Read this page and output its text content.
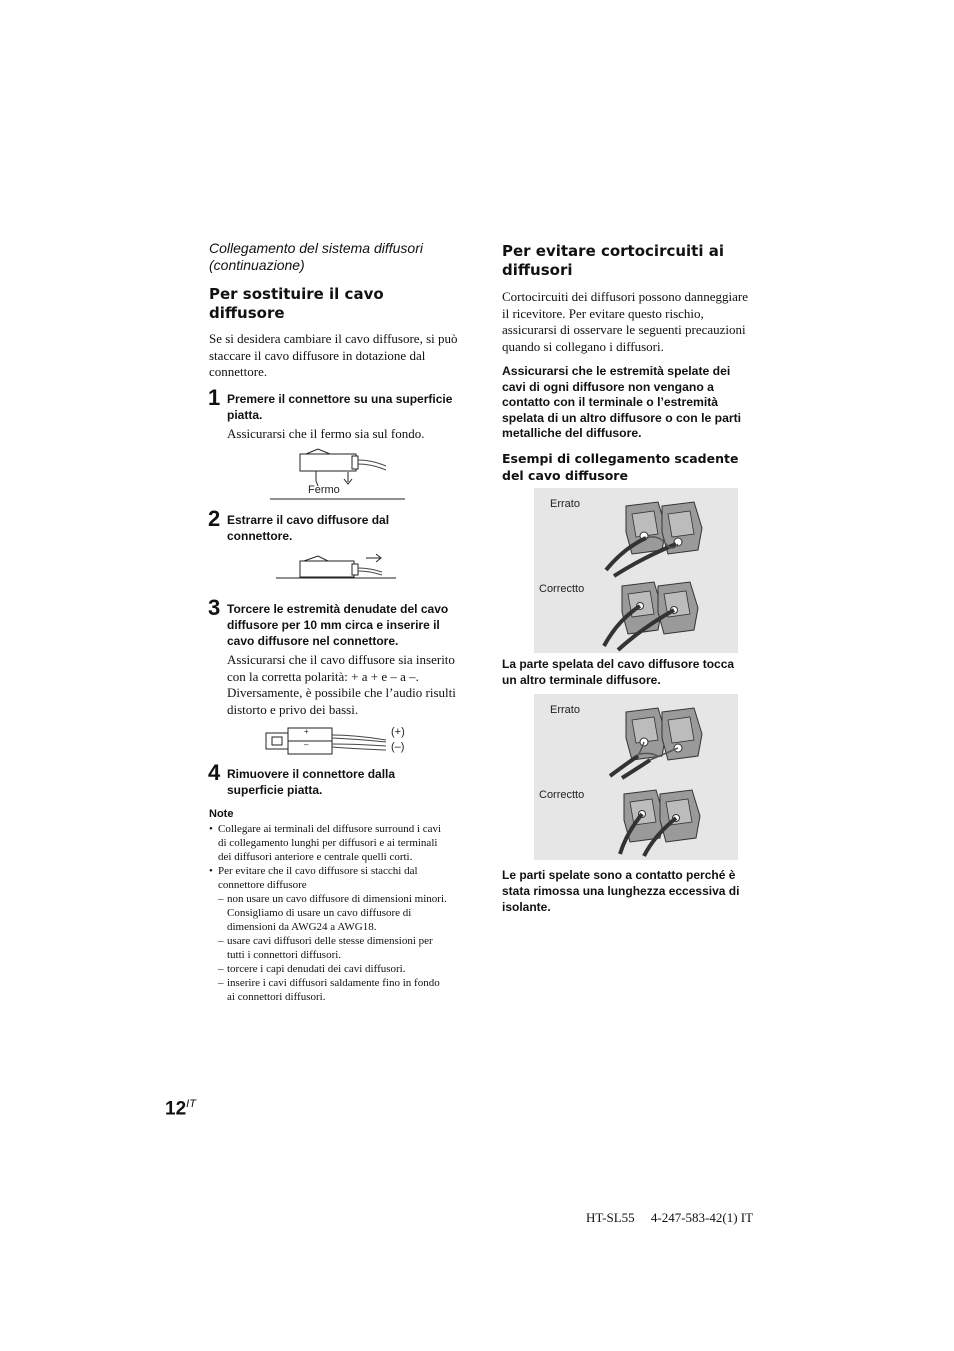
Collegamento del sistema diffusori
(continuazione)
Per sostituire il cavo
diffusore
Se si desidera cambiare il cavo diffusore, si può
staccare il cavo diffusore in dotazione dal
connettore.
1 Premere il connettore su una superficie
piatta.
Assicurarsi che il fermo sia sul fondo.
Fermo
2 Estrarre il cavo diffusore dal
connettore.
3 Torcere le estremità denudate del cavo
diffusore per 10 mm circa e inserire il
cavo diffusore nel connettore.
Assicurarsi che il cavo diffusore sia inserito
con la corretta polarità: + a + e – a –.
Diversamente, è possibile che l’audio risulti
distorto e privo dei bassi.
+
–
(+)
(–)
4 Rimuovere il connettore dalla
superficie piatta.
Note
• Collegare ai terminali del diffusore surround i cavi
di collegamento lunghi per diffusori e ai terminali
dei diffusori anteriore e centrale quelli corti.
• Per evitare che il cavo diffusore si stacchi dal
connettore diffusore
– non usare un cavo diffusore di dimensioni minori.
Consigliamo di usare un cavo diffusore di
dimensioni da AWG24 a AWG18.
– usare cavi diffusori delle stesse dimensioni per
tutti i connettori diffusori.
– torcere i capi denudati dei cavi diffusori.
– inserire i cavi diffusori saldamente fino in fondo
ai connettori diffusori.
Per evitare cortocircuiti ai
diffusori
Cortocircuiti dei diffusori possono danneggiare
il ricevitore. Per evitare questo rischio,
assicurarsi di osservare le seguenti precauzioni
quando si collegano i diffusori.
Assicurarsi che le estremità spelate dei
cavi di ogni diffusore non vengano a
contatto con il terminale o l’estremità
spelata di un altro diffusore o con le parti
metalliche del diffusore.
Esempi di collegamento scadente
del cavo diffusore
Errato
Correctto
La parte spelata del cavo diffusore tocca
un altro terminale diffusore.
Errato
Correctto
Le parti spelate sono a contatto perché è
stata rimossa una lunghezza eccessiva di
isolante.
$12^{IT}$
HT-SL55     4-247-583-42(1) IT
